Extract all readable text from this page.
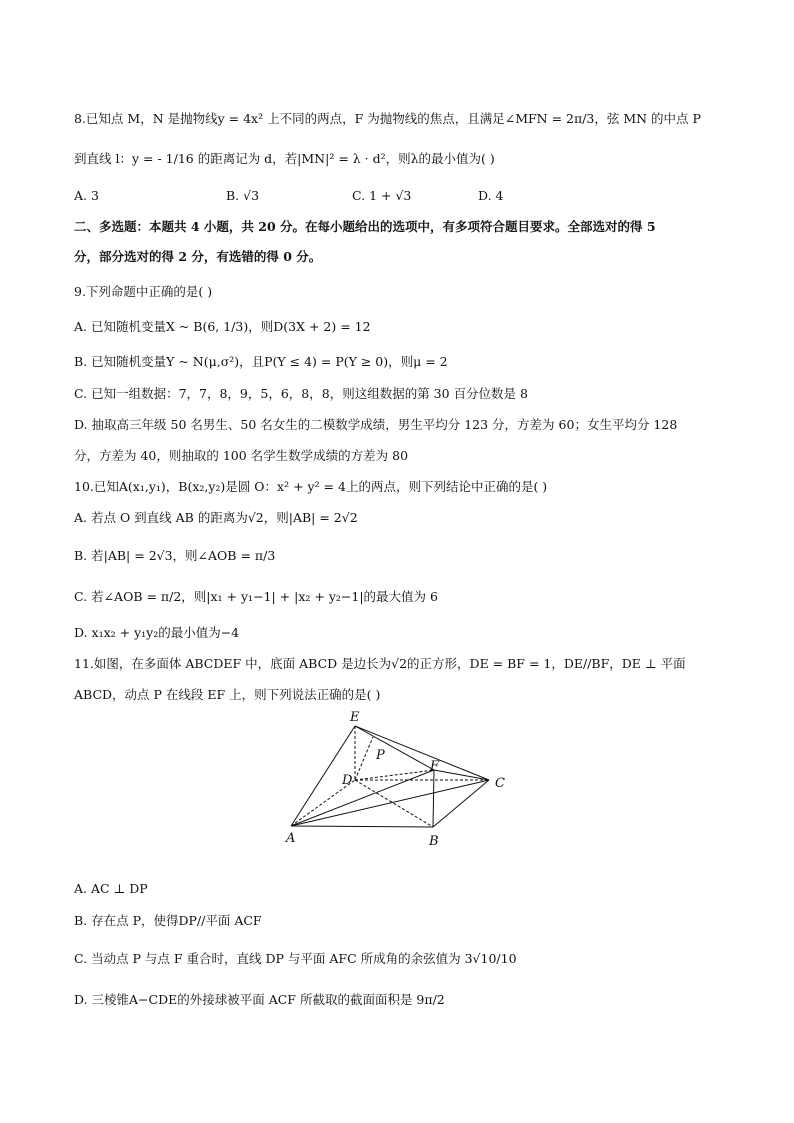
8.已知点 M，N 是抛物线y = 4x² 上不同的两点，F 为抛物线的焦点，且满足∠MFN = 2π/3，弦 MN 的中点 P
到直线 l：y = - 1/16 的距离记为 d，若|MN|² = λ · d²，则λ的最小值为( )
A. 3	B. √3	C. 1 + √3	D. 4
二、多选题：本题共 4 小题，共 20 分。在每小题给出的选项中，有多项符合题目要求。全部选对的得 5
分，部分选对的得 2 分，有选错的得 0 分。
9.下列命题中正确的是( )
A. 已知随机变量X ~ B(6, 1/3)，则D(3X + 2) = 12
B. 已知随机变量Y ~ N(μ,σ²)，且P(Y ≤ 4) = P(Y ≥ 0)，则μ = 2
C. 已知一组数据：7，7，8，9，5，6，8，8，则这组数据的第 30 百分位数是 8
D. 抽取高三年级 50 名男生、50 名女生的二模数学成绩，男生平均分 123 分，方差为 60；女生平均分 128
分，方差为 40，则抽取的 100 名学生数学成绩的方差为 80
10.已知A(x₁,y₁)，B(x₂,y₂)是圆 O：x² + y² = 4上的两点，则下列结论中正确的是( )
A. 若点 O 到直线 AB 的距离为√2，则|AB| = 2√2
B. 若|AB| = 2√3，则∠AOB = π/3
C. 若∠AOB = π/2，则|x₁ + y₁−1| + |x₂ + y₂−1|的最大值为 6
D. x₁x₂ + y₁y₂的最小值为−4
11.如图，在多面体 ABCDEF 中，底面 ABCD 是边长为√2的正方形，DE = BF = 1，DE//BF，DE ⊥ 平面
ABCD，动点 P 在线段 EF 上，则下列说法正确的是( )
E
P
D
F
C
A	B
A. AC ⊥ DP
B. 存在点 P，使得DP//平面 ACF
C. 当动点 P 与点 F 重合时，直线 DP 与平面 AFC 所成角的余弦值为 3√10/10
D. 三棱锥A−CDE的外接球被平面 ACF 所截取的截面面积是 9π/2
